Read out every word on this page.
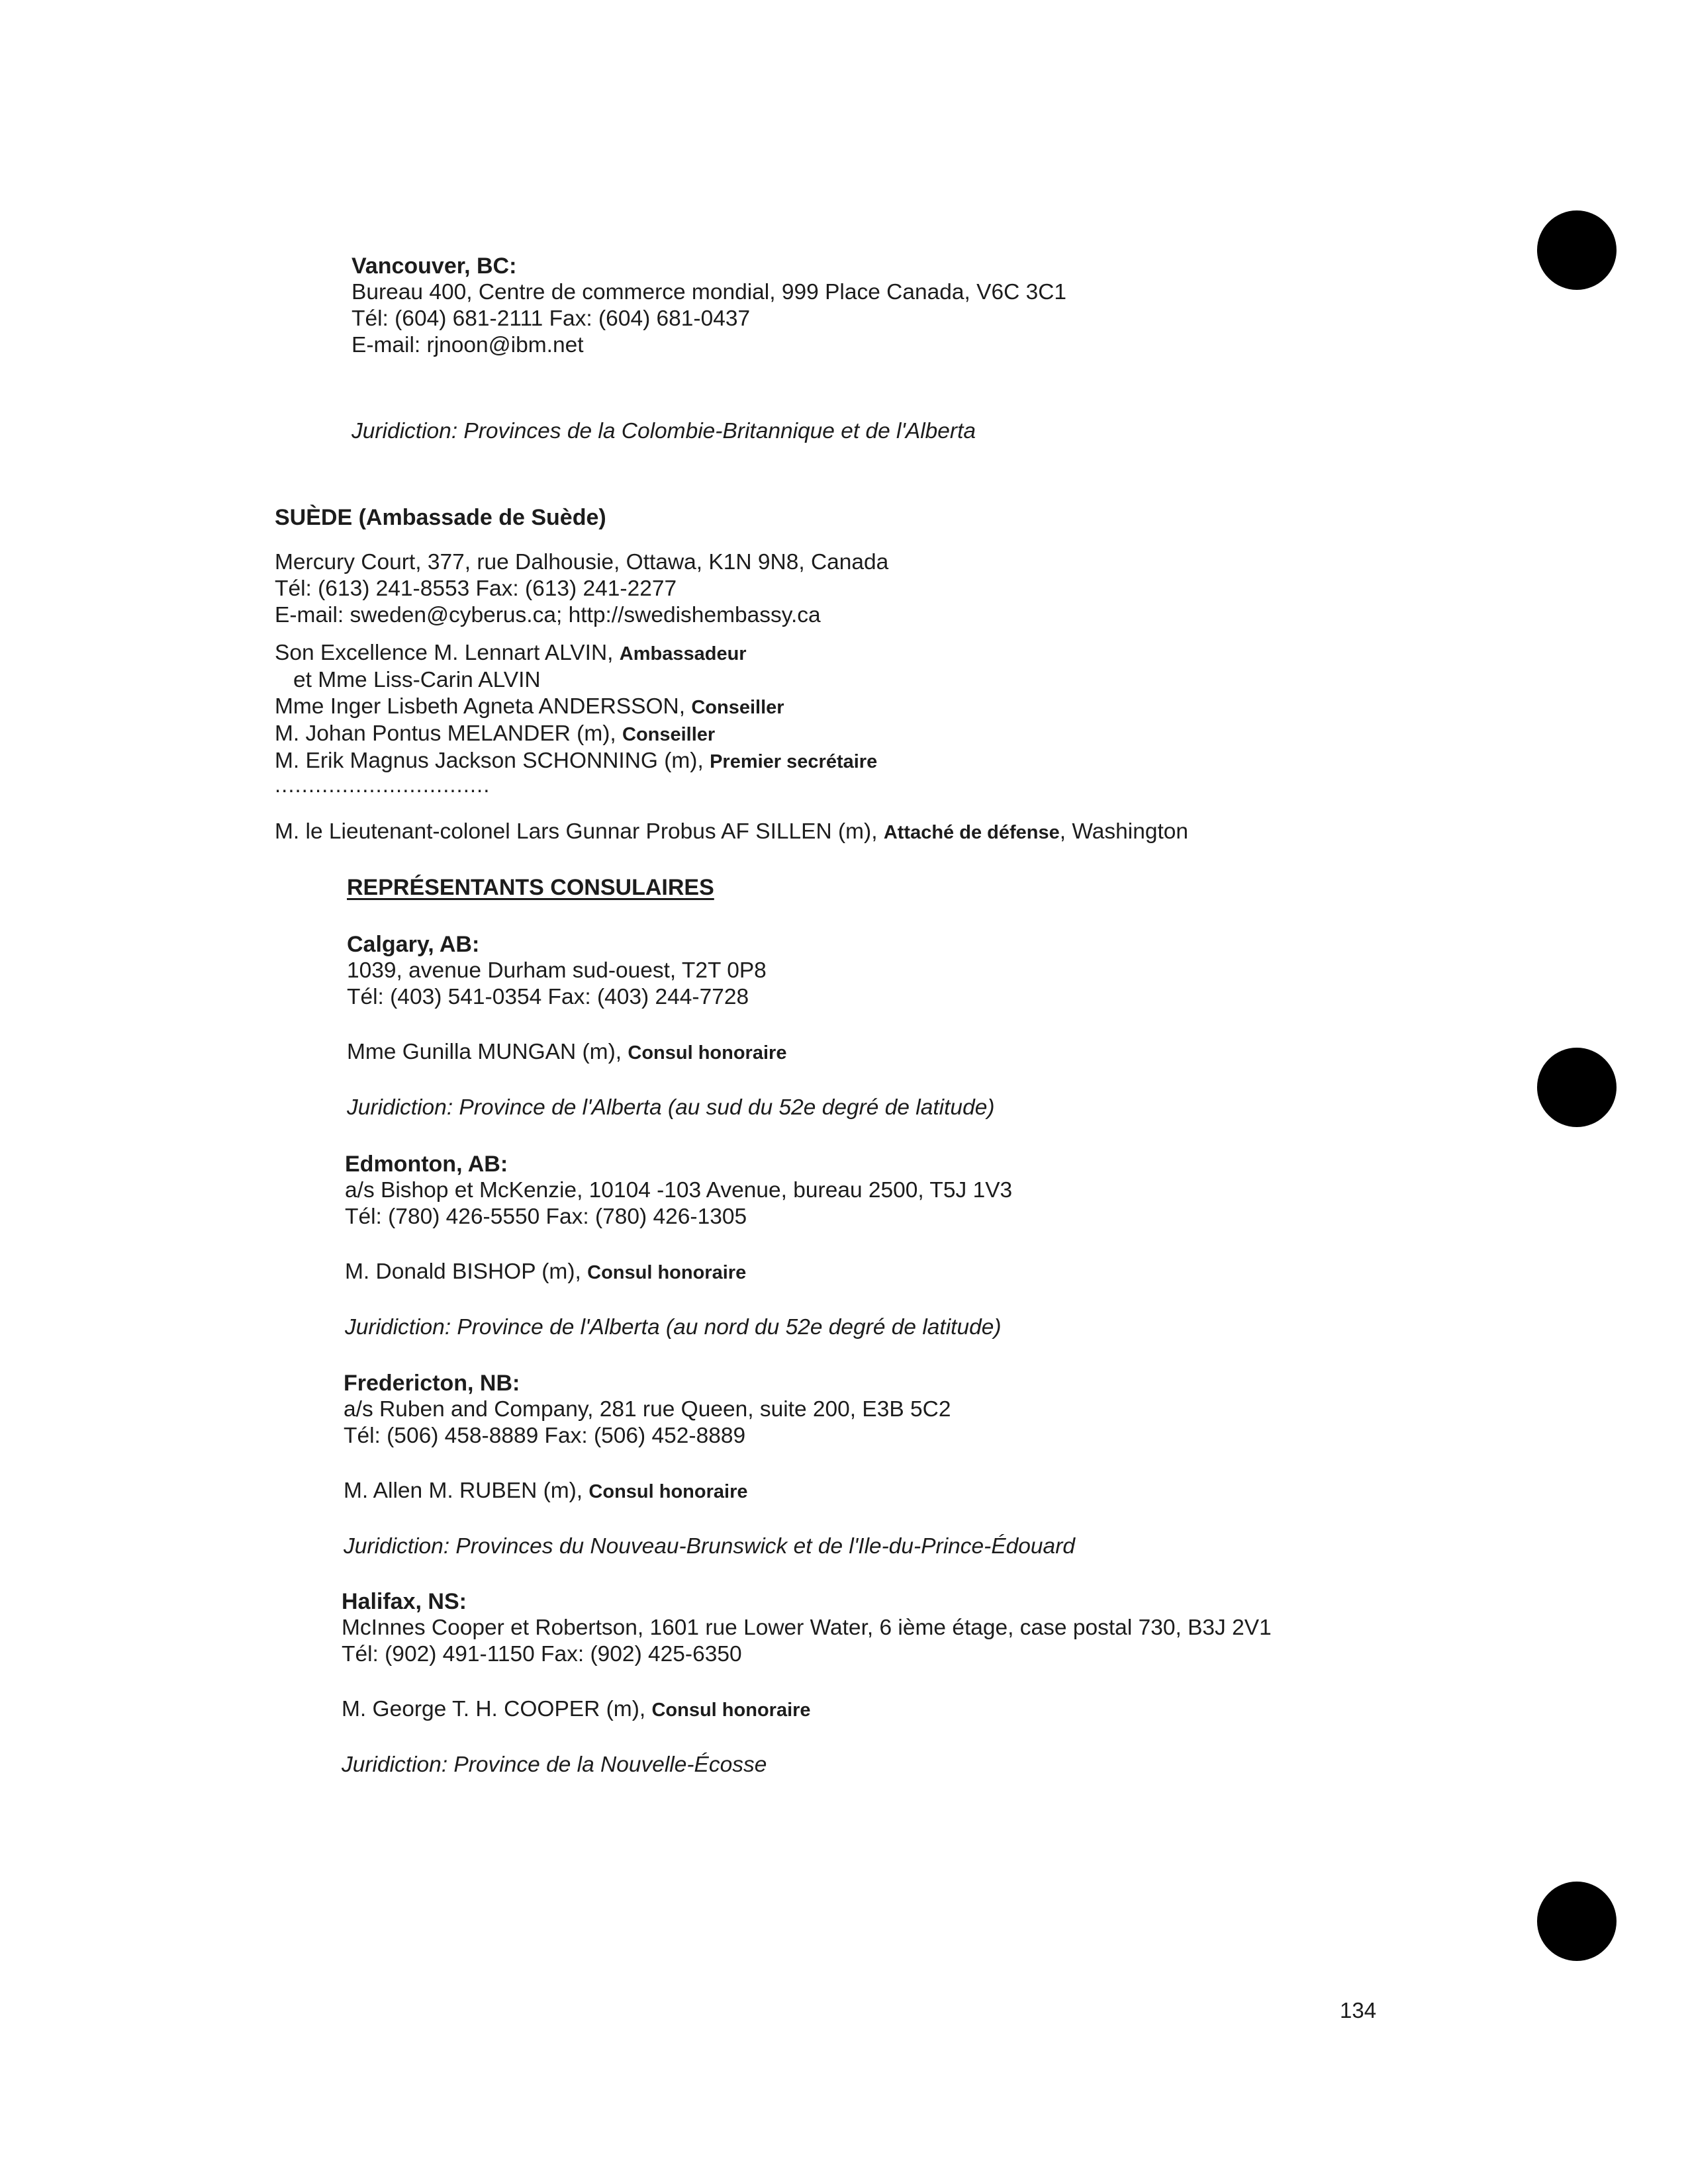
Vancouver, BC:
Bureau 400, Centre de commerce mondial, 999 Place Canada, V6C 3C1
Tél: (604) 681-2111 Fax: (604) 681-0437
E-mail: rjnoon@ibm.net
Juridiction: Provinces de la Colombie-Britannique et de l'Alberta
SUÈDE (Ambassade de Suède)
Mercury Court, 377, rue Dalhousie, Ottawa, K1N 9N8, Canada
Tél: (613) 241-8553 Fax: (613) 241-2277
E-mail: sweden@cyberus.ca; http://swedishembassy.ca
Son Excellence M. Lennart ALVIN, Ambassadeur
et Mme Liss-Carin ALVIN
Mme Inger Lisbeth Agneta ANDERSSON, Conseiller
M. Johan Pontus MELANDER (m), Conseiller
M. Erik Magnus Jackson SCHONNING (m), Premier secrétaire
................................
M. le Lieutenant-colonel Lars Gunnar Probus AF SILLEN (m), Attaché de défense, Washington
REPRÉSENTANTS CONSULAIRES
Calgary, AB:
1039, avenue Durham sud-ouest, T2T 0P8
Tél: (403) 541-0354 Fax: (403) 244-7728
Mme Gunilla MUNGAN (m), Consul honoraire
Juridiction: Province de l'Alberta (au sud du 52e degré de latitude)
Edmonton, AB:
a/s Bishop et McKenzie, 10104 -103 Avenue, bureau 2500, T5J 1V3
Tél: (780) 426-5550 Fax: (780) 426-1305
M. Donald BISHOP (m), Consul honoraire
Juridiction: Province de l'Alberta (au nord du 52e degré de latitude)
Fredericton, NB:
a/s Ruben and Company, 281 rue Queen, suite 200, E3B 5C2
Tél: (506) 458-8889 Fax: (506) 452-8889
M. Allen M. RUBEN (m), Consul honoraire
Juridiction: Provinces du Nouveau-Brunswick et de l'Ile-du-Prince-Édouard
Halifax, NS:
McInnes Cooper et Robertson, 1601 rue Lower Water, 6 ième étage, case postal 730, B3J 2V1
Tél: (902) 491-1150 Fax: (902) 425-6350
M. George T. H. COOPER (m), Consul honoraire
Juridiction: Province de la Nouvelle-Écosse
134
